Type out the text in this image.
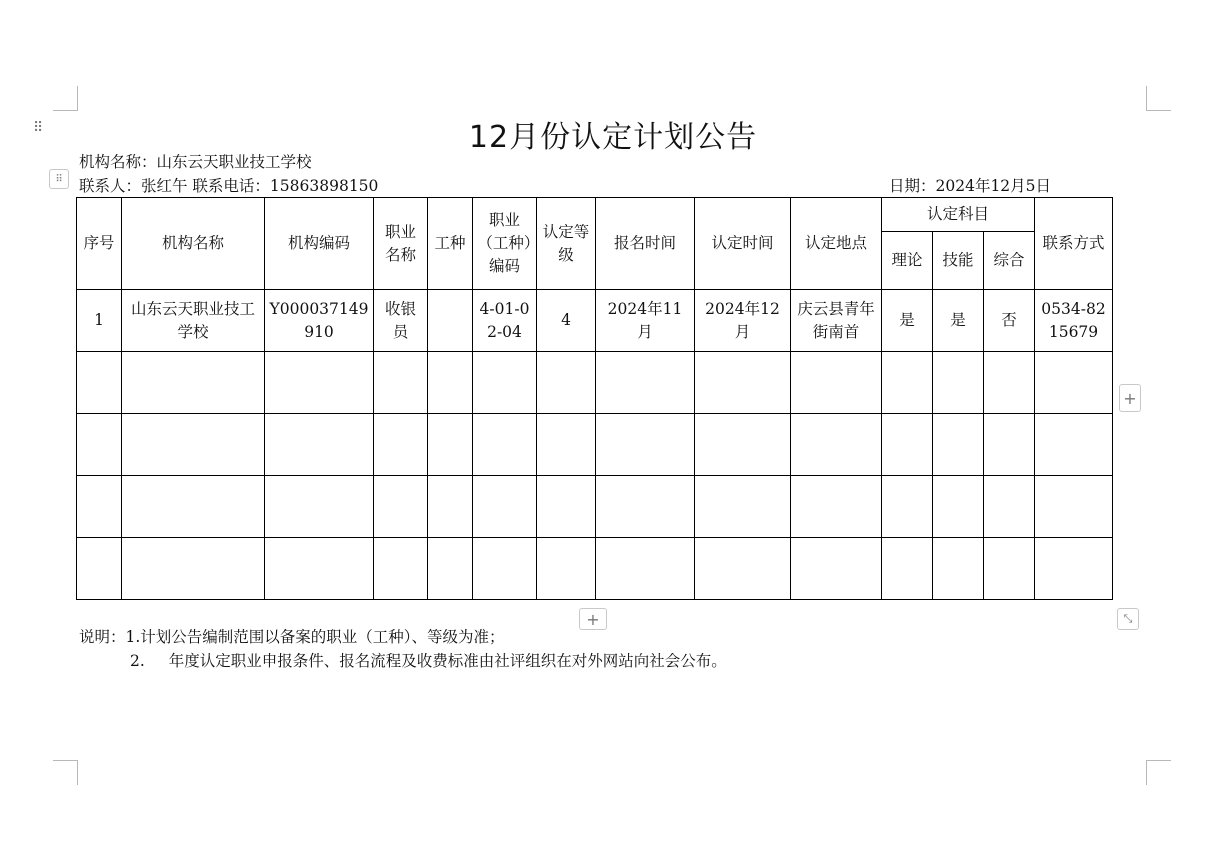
⠿
⠿
12月份认定计划公告
机构名称：山东云天职业技工学校
联系人：张红午 联系电话：15863898150	日期：2024年12月5日
序号	机构名称	机构编码	职业名称	工种	职业（工种）编码	认定等级	报名时间	认定时间	认定地点	认定科目			联系方式
										理论	技能	综合	
1	山东云天职业技工学校	Y000037149910	收银员		4-01-02-04	4	2024年11月	2024年12月	庆云县青年街南首	是	是	否	0534-8215679

+
+	⤡
说明：1.计划公告编制范围以备案的职业（工种）、等级为准；
2. 年度认定职业申报条件、报名流程及收费标准由社评组织在对外网站向社会公布。
